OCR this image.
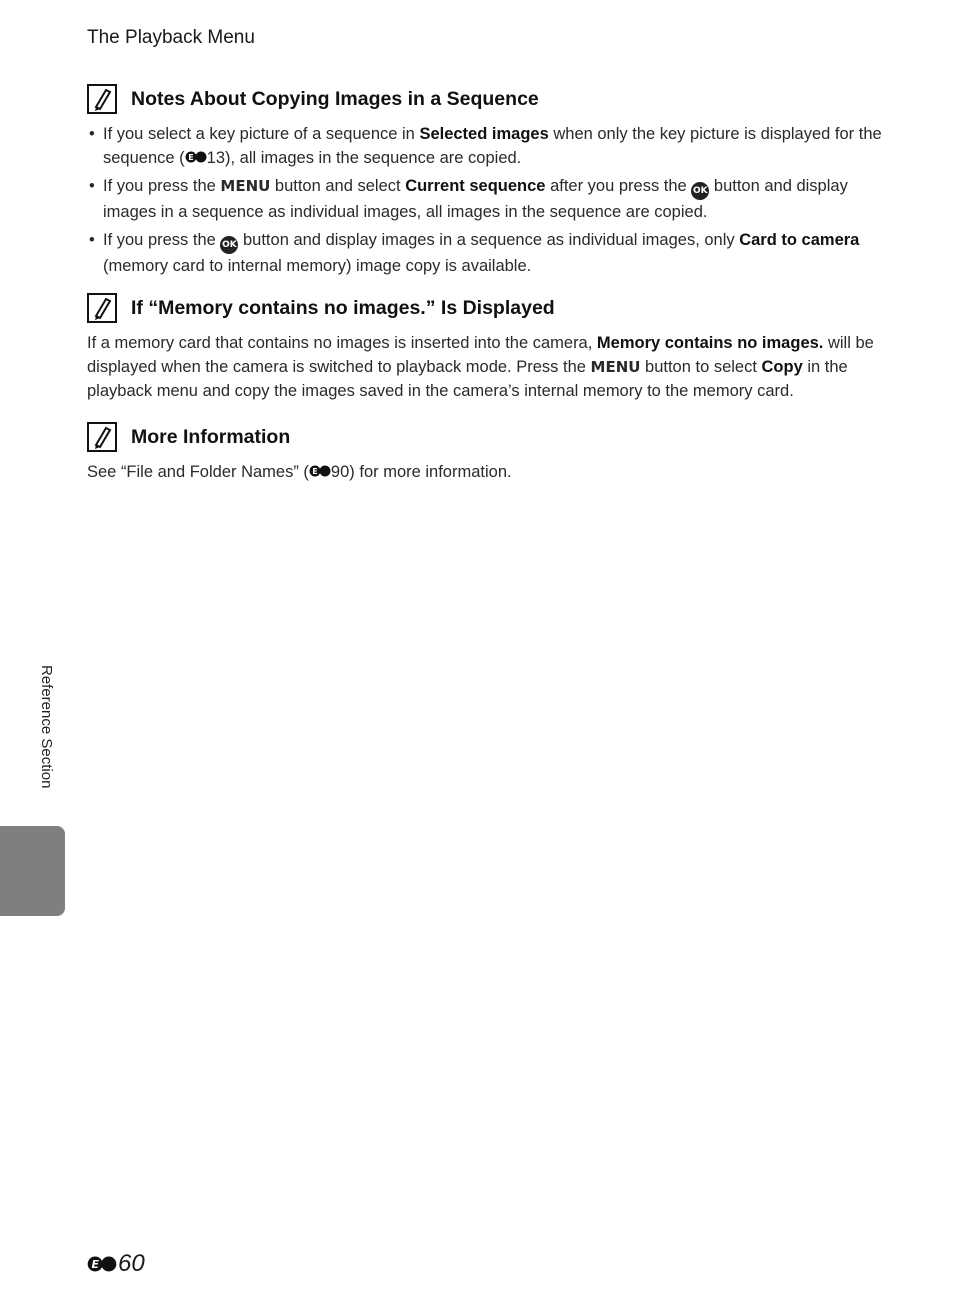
The Playback Menu
Notes About Copying Images in a Sequence
• If you select a key picture of a sequence in Selected images when only the key picture is displayed for the sequence ( E 13), all images in the sequence are copied.
• If you press the MENU button and select Current sequence after you press the OK button and display images in a sequence as individual images, all images in the sequence are copied.
• If you press the OK button and display images in a sequence as individual images, only Card to camera (memory card to internal memory) image copy is available.
If “Memory contains no images.” Is Displayed

If a memory card that contains no images is inserted into the camera, Memory contains no images. will be displayed when the camera is switched to playback mode. Press the MENU button to select Copy in the playback menu and copy the images saved in the camera’s internal memory to the memory card.

More Information

See “File and Folder Names” ( E 90) for more information.

Reference Section
E 60
